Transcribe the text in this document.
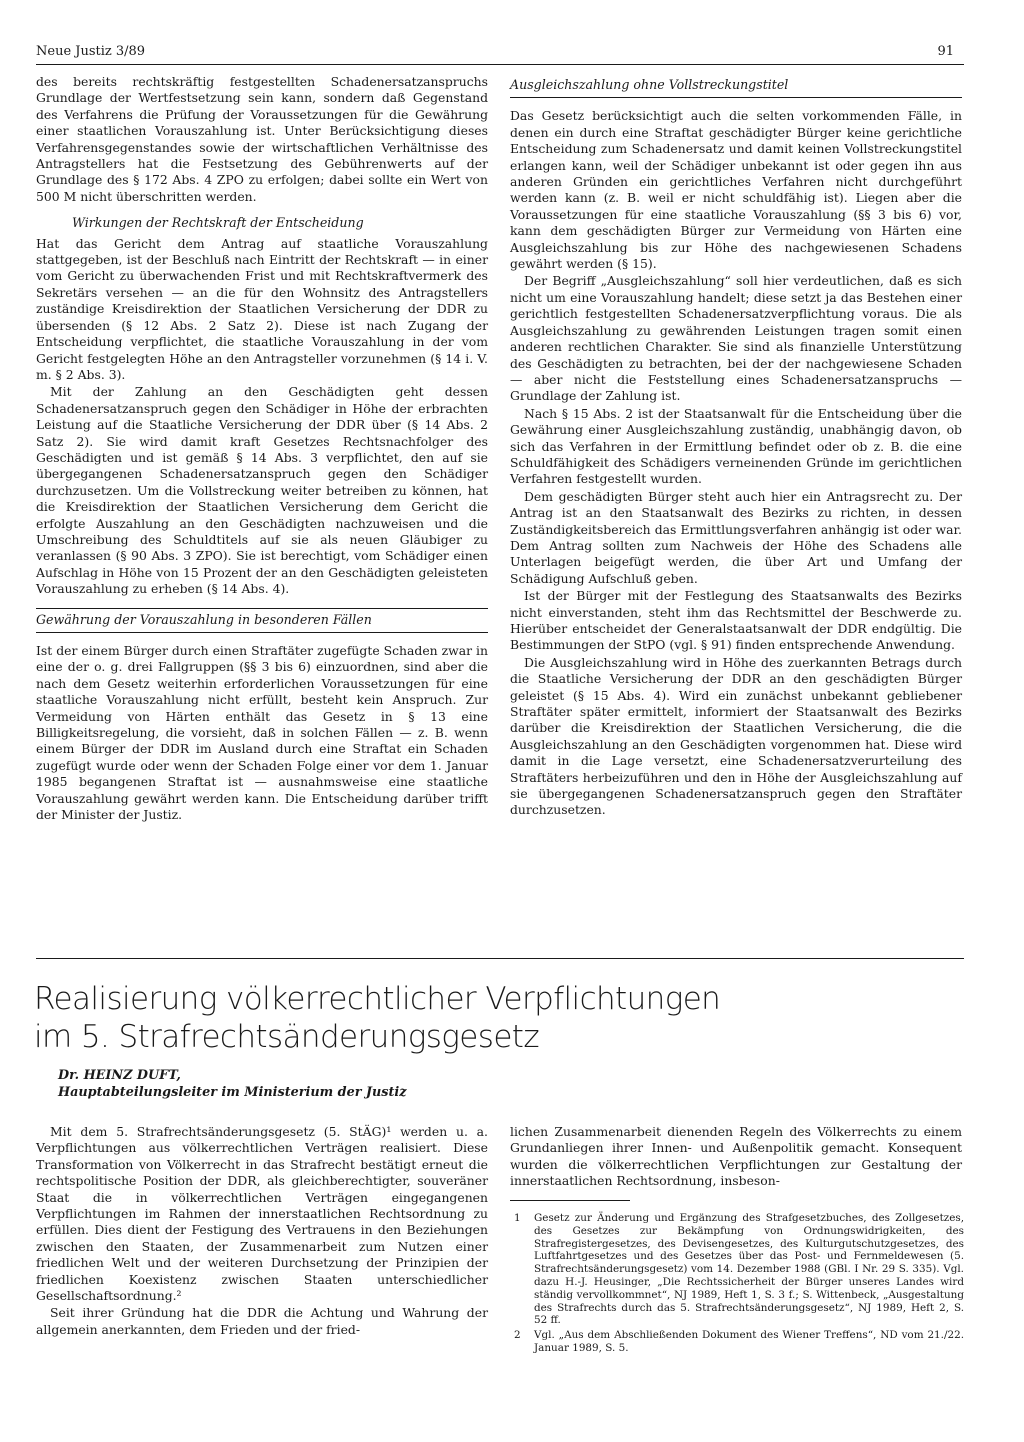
Neue Justiz 3/89	91

des bereits rechtskräftig festgestellten Schadenersatzanspruchs Grundlage der Wertfestsetzung sein kann, sondern daß Gegenstand des Verfahrens die Prüfung der Voraussetzungen für die Gewährung einer staatlichen Vorauszahlung ist. Unter Berücksichtigung dieses Verfahrensgegenstandes sowie der wirtschaftlichen Verhältnisse des Antragstellers hat die Festsetzung des Gebührenwerts auf der Grundlage des § 172 Abs. 4 ZPO zu erfolgen; dabei sollte ein Wert von 500 M nicht überschritten werden.

Wirkungen der Rechtskraft der Entscheidung

Hat das Gericht dem Antrag auf staatliche Vorauszahlung stattgegeben, ist der Beschluß nach Eintritt der Rechtskraft — in einer vom Gericht zu überwachenden Frist und mit Rechtskraftvermerk des Sekretärs versehen — an die für den Wohnsitz des Antragstellers zuständige Kreisdirektion der Staatlichen Versicherung der DDR zu übersenden (§ 12 Abs. 2 Satz 2). Diese ist nach Zugang der Entscheidung verpflichtet, die staatliche Vorauszahlung in der vom Gericht festgelegten Höhe an den Antragsteller vorzunehmen (§ 14 i. V. m. § 2 Abs. 3).

Mit der Zahlung an den Geschädigten geht dessen Schadenersatzanspruch gegen den Schädiger in Höhe der erbrachten Leistung auf die Staatliche Versicherung der DDR über (§ 14 Abs. 2 Satz 2). Sie wird damit kraft Gesetzes Rechtsnachfolger des Geschädigten und ist gemäß § 14 Abs. 3 verpflichtet, den auf sie übergegangenen Schadenersatzanspruch gegen den Schädiger durchzusetzen. Um die Vollstreckung weiter betreiben zu können, hat die Kreisdirektion der Staatlichen Versicherung dem Gericht die erfolgte Auszahlung an den Geschädigten nachzuweisen und die Umschreibung des Schuldtitels auf sie als neuen Gläubiger zu veranlassen (§ 90 Abs. 3 ZPO). Sie ist berechtigt, vom Schädiger einen Aufschlag in Höhe von 15 Prozent der an den Geschädigten geleisteten Vorauszahlung zu erheben (§ 14 Abs. 4).

Gewährung der Vorauszahlung in besonderen Fällen

Ist der einem Bürger durch einen Straftäter zugefügte Schaden zwar in eine der o. g. drei Fallgruppen (§§ 3 bis 6) einzuordnen, sind aber die nach dem Gesetz weiterhin erforderlichen Voraussetzungen für eine staatliche Vorauszahlung nicht erfüllt, besteht kein Anspruch. Zur Vermeidung von Härten enthält das Gesetz in § 13 eine Billigkeitsregelung, die vorsieht, daß in solchen Fällen — z. B. wenn einem Bürger der DDR im Ausland durch eine Straftat ein Schaden zugefügt wurde oder wenn der Schaden Folge einer vor dem 1. Januar 1985 begangenen Straftat ist — ausnahmsweise eine staatliche Vorauszahlung gewährt werden kann. Die Entscheidung darüber trifft der Minister der Justiz.

Ausgleichszahlung ohne Vollstreckungstitel

Das Gesetz berücksichtigt auch die selten vorkommenden Fälle, in denen ein durch eine Straftat geschädigter Bürger keine gerichtliche Entscheidung zum Schadenersatz und damit keinen Vollstreckungstitel erlangen kann, weil der Schädiger unbekannt ist oder gegen ihn aus anderen Gründen ein gerichtliches Verfahren nicht durchgeführt werden kann (z. B. weil er nicht schuldfähig ist). Liegen aber die Voraussetzungen für eine staatliche Vorauszahlung (§§ 3 bis 6) vor, kann dem geschädigten Bürger zur Vermeidung von Härten eine Ausgleichszahlung bis zur Höhe des nachgewiesenen Schadens gewährt werden (§ 15).

Der Begriff „Ausgleichszahlung“ soll hier verdeutlichen, daß es sich nicht um eine Vorauszahlung handelt; diese setzt ja das Bestehen einer gerichtlich festgestellten Schadenersatzverpflichtung voraus. Die als Ausgleichszahlung zu gewährenden Leistungen tragen somit einen anderen rechtlichen Charakter. Sie sind als finanzielle Unterstützung des Geschädigten zu betrachten, bei der der nachgewiesene Schaden — aber nicht die Feststellung eines Schadenersatzanspruchs — Grundlage der Zahlung ist.

Nach § 15 Abs. 2 ist der Staatsanwalt für die Entscheidung über die Gewährung einer Ausgleichszahlung zuständig, unabhängig davon, ob sich das Verfahren in der Ermittlung befindet oder ob z. B. die eine Schuldfähigkeit des Schädigers verneinenden Gründe im gerichtlichen Verfahren festgestellt wurden.

Dem geschädigten Bürger steht auch hier ein Antragsrecht zu. Der Antrag ist an den Staatsanwalt des Bezirks zu richten, in dessen Zuständigkeitsbereich das Ermittlungsverfahren anhängig ist oder war. Dem Antrag sollten zum Nachweis der Höhe des Schadens alle Unterlagen beigefügt werden, die über Art und Umfang der Schädigung Aufschluß geben.

Ist der Bürger mit der Festlegung des Staatsanwalts des Bezirks nicht einverstanden, steht ihm das Rechtsmittel der Beschwerde zu. Hierüber entscheidet der Generalstaatsanwalt der DDR endgültig. Die Bestimmungen der StPO (vgl. § 91) finden entsprechende Anwendung.

Die Ausgleichszahlung wird in Höhe des zuerkannten Betrags durch die Staatliche Versicherung der DDR an den geschädigten Bürger geleistet (§ 15 Abs. 4). Wird ein zunächst unbekannt gebliebener Straftäter später ermittelt, informiert der Staatsanwalt des Bezirks darüber die Kreisdirektion der Staatlichen Versicherung, die die Ausgleichszahlung an den Geschädigten vorgenommen hat. Diese wird damit in die Lage versetzt, eine Schadenersatzverurteilung des Straftäters herbeizuführen und den in Höhe der Ausgleichszahlung auf sie übergegangenen Schadenersatzanspruch gegen den Straftäter durchzusetzen.

Realisierung völkerrechtlicher Verpflichtungen
im 5. Strafrechtsänderungsgesetz
Dr. HEINZ DUFT,
Hauptabteilungsleiter im Ministerium der Justiz

Mit dem 5. Strafrechtsänderungsgesetz (5. StÄG)¹ werden u. a. Verpflichtungen aus völkerrechtlichen Verträgen realisiert. Diese Transformation von Völkerrecht in das Strafrecht bestätigt erneut die rechtspolitische Position der DDR, als gleichberechtigter, souveräner Staat die in völkerrechtlichen Verträgen eingegangenen Verpflichtungen im Rahmen der innerstaatlichen Rechtsordnung zu erfüllen. Dies dient der Festigung des Vertrauens in den Beziehungen zwischen den Staaten, der Zusammenarbeit zum Nutzen einer friedlichen Welt und der weiteren Durchsetzung der Prinzipien der friedlichen Koexistenz zwischen Staaten unterschiedlicher Gesellschaftsordnung.²

Seit ihrer Gründung hat die DDR die Achtung und Wahrung der allgemein anerkannten, dem Frieden und der fried-

lichen Zusammenarbeit dienenden Regeln des Völkerrechts zu einem Grundanliegen ihrer Innen- und Außenpolitik gemacht. Konsequent wurden die völkerrechtlichen Verpflichtungen zur Gestaltung der innerstaatlichen Rechtsordnung, insbeson-

1	Gesetz zur Änderung und Ergänzung des Strafgesetzbuches, des Zollgesetzes, des Gesetzes zur Bekämpfung von Ordnungswidrigkeiten, des Strafregistergesetzes, des Devisengesetzes, des Kulturgutschutzgesetzes, des Luftfahrtgesetzes und des Gesetzes über das Post- und Fernmeldewesen (5. Strafrechtsänderungsgesetz) vom 14. Dezember 1988 (GBl. I Nr. 29 S. 335). Vgl. dazu H.-J. Heusinger, „Die Rechtssicherheit der Bürger unseres Landes wird ständig vervollkommnet“, NJ 1989, Heft 1, S. 3 f.; S. Wittenbeck, „Ausgestaltung des Strafrechts durch das 5. Strafrechtsänderungsgesetz“, NJ 1989, Heft 2, S. 52 ff.
2	Vgl. „Aus dem Abschließenden Dokument des Wiener Treffens“, ND vom 21./22. Januar 1989, S. 5.
